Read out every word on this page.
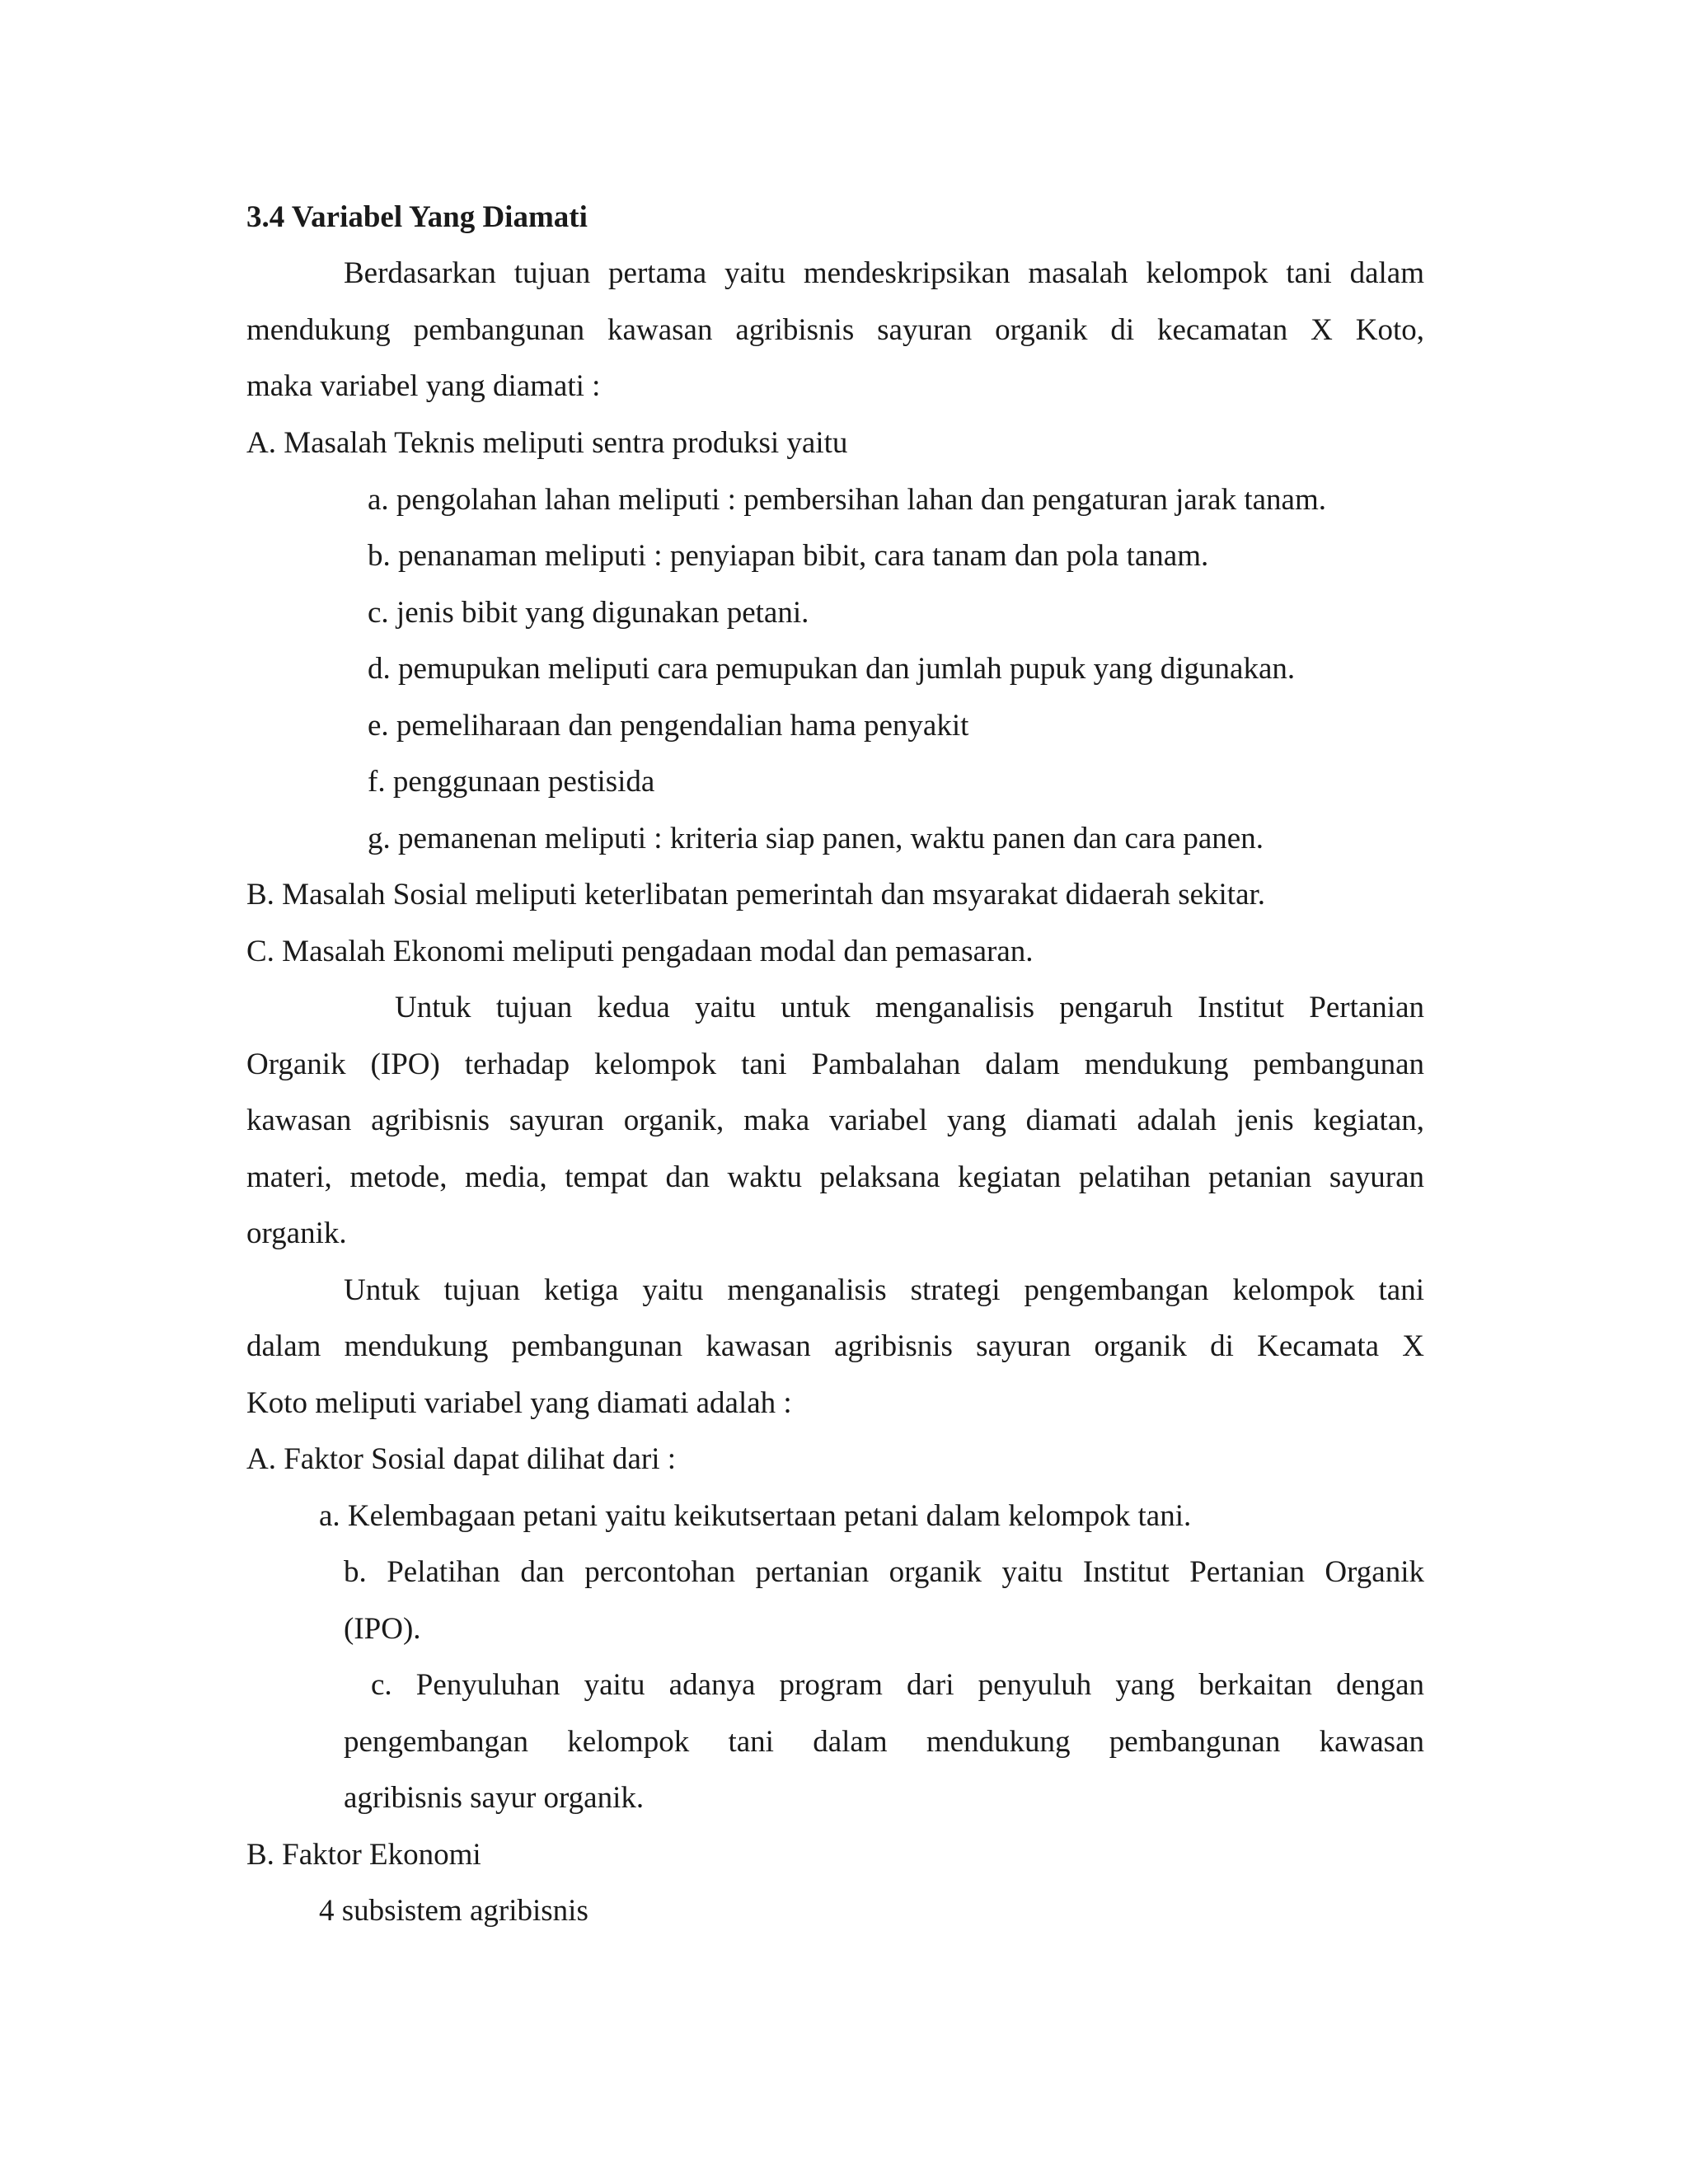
3.4 Variabel Yang Diamati

Berdasarkan tujuan pertama yaitu mendeskripsikan masalah kelompok tani dalam

mendukung pembangunan kawasan agribisnis sayuran organik di kecamatan X Koto,

maka variabel yang diamati :

A. Masalah Teknis meliputi sentra produksi yaitu

a. pengolahan lahan meliputi : pembersihan lahan dan pengaturan jarak tanam.

b. penanaman meliputi : penyiapan bibit, cara tanam dan pola tanam.

c. jenis bibit yang digunakan petani.

d. pemupukan meliputi cara pemupukan dan jumlah pupuk yang digunakan.

e. pemeliharaan dan pengendalian hama penyakit

f. penggunaan pestisida

g. pemanenan meliputi : kriteria siap panen, waktu panen dan cara panen.

B. Masalah Sosial meliputi keterlibatan pemerintah dan msyarakat didaerah sekitar.

C. Masalah Ekonomi meliputi pengadaan modal dan pemasaran.

Untuk tujuan kedua yaitu untuk menganalisis pengaruh Institut Pertanian

Organik (IPO) terhadap kelompok tani Pambalahan dalam mendukung pembangunan

kawasan agribisnis sayuran organik, maka variabel yang diamati adalah jenis kegiatan,

materi, metode, media, tempat dan waktu pelaksana kegiatan pelatihan petanian sayuran

organik.

Untuk tujuan ketiga yaitu menganalisis strategi pengembangan kelompok tani

dalam mendukung pembangunan kawasan agribisnis sayuran organik di Kecamata X

Koto meliputi variabel yang diamati adalah :

A. Faktor Sosial dapat dilihat dari :

a. Kelembagaan petani yaitu keikutsertaan petani dalam kelompok tani.

b. Pelatihan dan percontohan pertanian organik yaitu Institut Pertanian Organik

(IPO).

c. Penyuluhan yaitu adanya program dari penyuluh yang berkaitan dengan

pengembangan kelompok tani dalam mendukung pembangunan kawasan

agribisnis sayur organik.

B. Faktor Ekonomi

4 subsistem agribisnis
